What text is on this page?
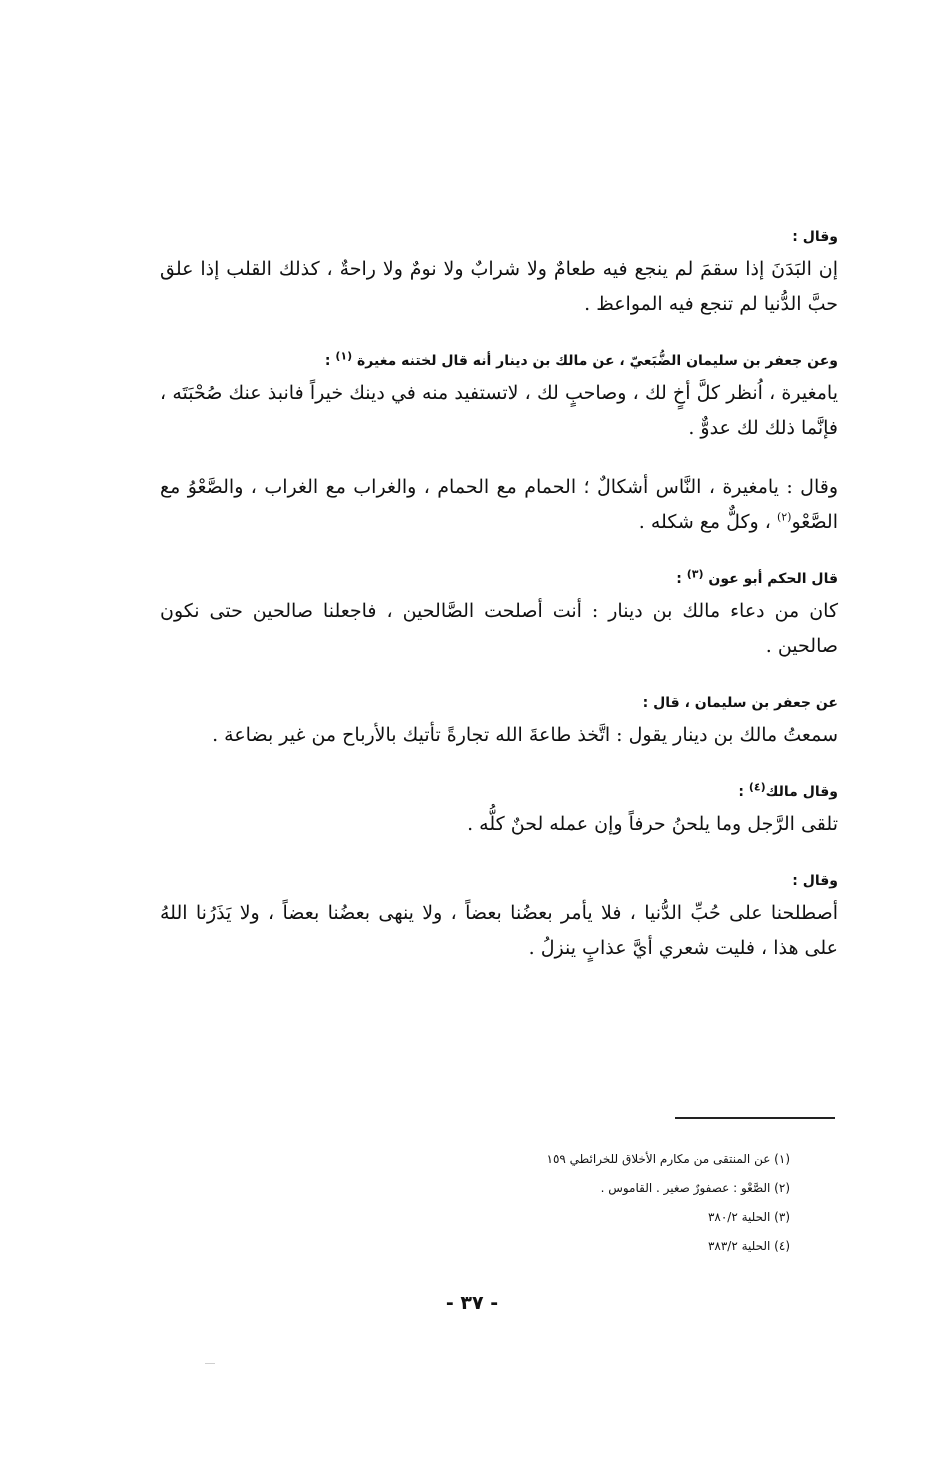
وقال :
إن البَدَنَ إذا سقمَ لم ينجع فيه طعامٌ ولا شرابٌ ولا نومٌ ولا راحةٌ ، كذلك القلب إذا علق حبَّ الدُّنيا لم تنجع فيه المواعظ .
وعن جعفر بن سليمان الضُّبَعيّ ، عن مالك بن دينار أنه قال لختنه مغيرة $^{(١)}$ :
يامغيرة ، اُنظر كلَّ أخٍ لك ، وصاحبٍ لك ، لاتستفيد منه في دينك خيراً فانبذ عنك صُحْبَتَه ، فإنَّما ذلك لك عدوٌّ .
وقال : يامغيرة ، النَّاس أشكالٌ ؛ الحمام مع الحمام ، والغراب مع الغراب ، والصَّعْوُ مع الصَّعْو$^{(٢)}$ ، وكلٌّ مع شكله .
قال الحكم أبو عون $^{(٣)}$ :
كان من دعاء مالك بن دينار : أنت أصلحت الصَّالحين ، فاجعلنا صالحين حتى نكون صالحين .
عن جعفر بن سليمان ، قال :
سمعتُ مالك بن دينار يقول : اتَّخذ طاعةَ الله تجارةً تأتيك بالأرباح من غير بضاعة .
وقال مالك$^{(٤)}$ :
تلقى الرَّجل وما يلحنُ حرفاً وإن عمله لحنٌ كلُّه .
وقال :
أصطلحنا على حُبِّ الدُّنيا ، فلا يأمر بعضُنا بعضاً ، ولا ينهى بعضُنا بعضاً ، ولا يَذَرُنا اللهُ على هذا ، فليت شعري أيَّ عذابٍ ينزلُ .
(١) عن المنتقى من مكارم الأخلاق للخرائطي ١٥٩
(٢) الصَّعْو : عصفورٌ صغير . القاموس .
(٣) الحلية ٣٨٠/٢
(٤) الحلية ٣٨٣/٢
- ٣٧ -
